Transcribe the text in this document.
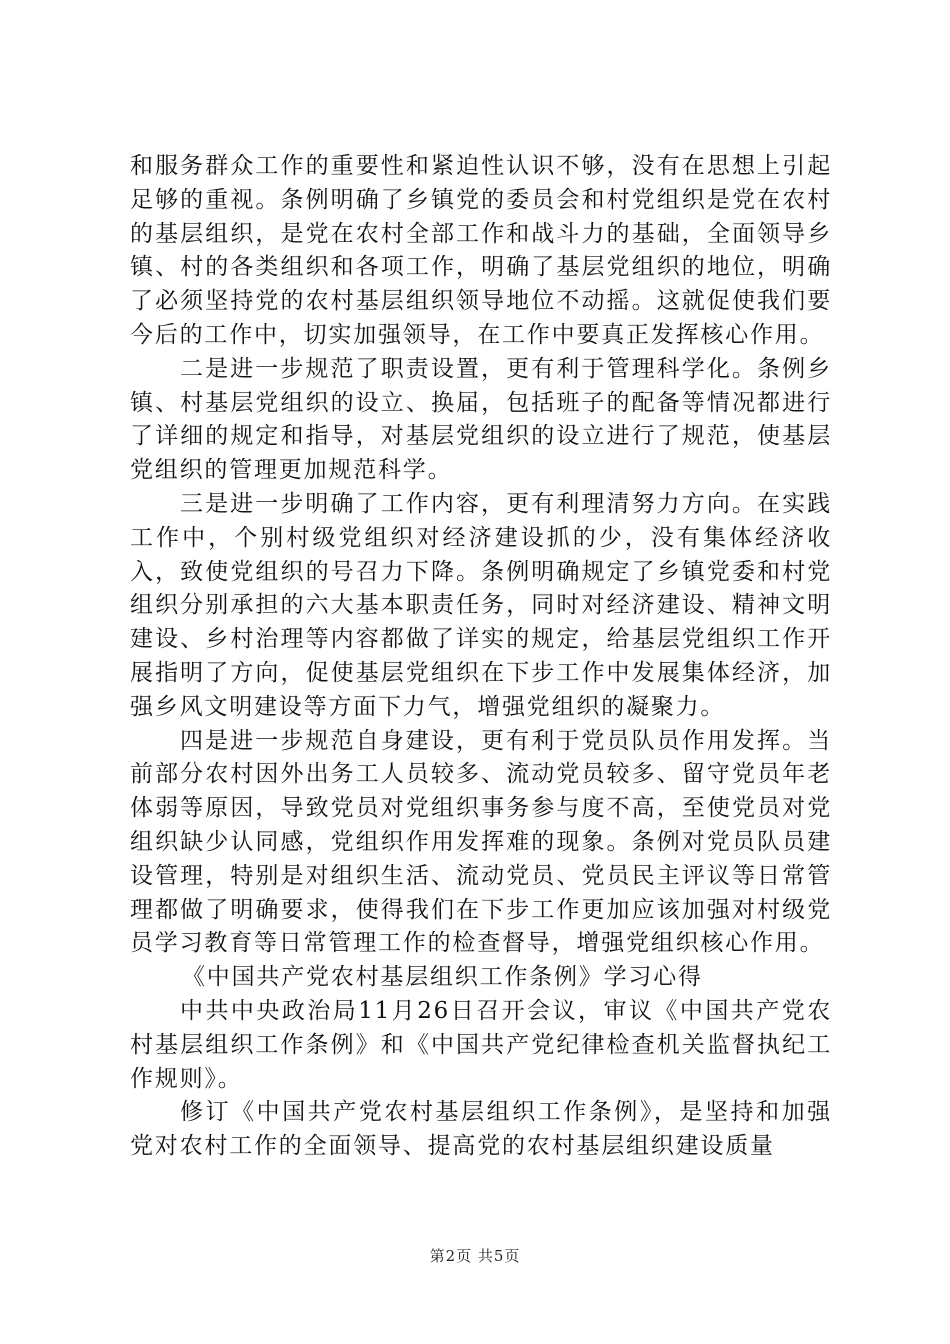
和服务群众工作的重要性和紧迫性认识不够，没有在思想上引起足够的重视。条例明确了乡镇党的委员会和村党组织是党在农村的基层组织，是党在农村全部工作和战斗力的基础，全面领导乡镇、村的各类组织和各项工作，明确了基层党组织的地位，明确了必须坚持党的农村基层组织领导地位不动摇。这就促使我们要今后的工作中，切实加强领导，在工作中要真正发挥核心作用。

二是进一步规范了职责设置，更有利于管理科学化。条例乡镇、村基层党组织的设立、换届，包括班子的配备等情况都进行了详细的规定和指导，对基层党组织的设立进行了规范，使基层党组织的管理更加规范科学。

三是进一步明确了工作内容，更有利理清努力方向。在实践工作中，个别村级党组织对经济建设抓的少，没有集体经济收入，致使党组织的号召力下降。条例明确规定了乡镇党委和村党组织分别承担的六大基本职责任务，同时对经济建设、精神文明建设、乡村治理等内容都做了详实的规定，给基层党组织工作开展指明了方向，促使基层党组织在下步工作中发展集体经济，加强乡风文明建设等方面下力气，增强党组织的凝聚力。

四是进一步规范自身建设，更有利于党员队员作用发挥。当前部分农村因外出务工人员较多、流动党员较多、留守党员年老体弱等原因，导致党员对党组织事务参与度不高，至使党员对党组织缺少认同感，党组织作用发挥难的现象。条例对党员队员建设管理，特别是对组织生活、流动党员、党员民主评议等日常管理都做了明确要求，使得我们在下步工作更加应该加强对村级党员学习教育等日常管理工作的检查督导，增强党组织核心作用。

《中国共产党农村基层组织工作条例》学习心得

中共中央政治局11月26日召开会议，审议《中国共产党农村基层组织工作条例》和《中国共产党纪律检查机关监督执纪工作规则》。

修订《中国共产党农村基层组织工作条例》，是坚持和加强党对农村工作的全面领导、提高党的农村基层组织建设质量

第2页 共5页
